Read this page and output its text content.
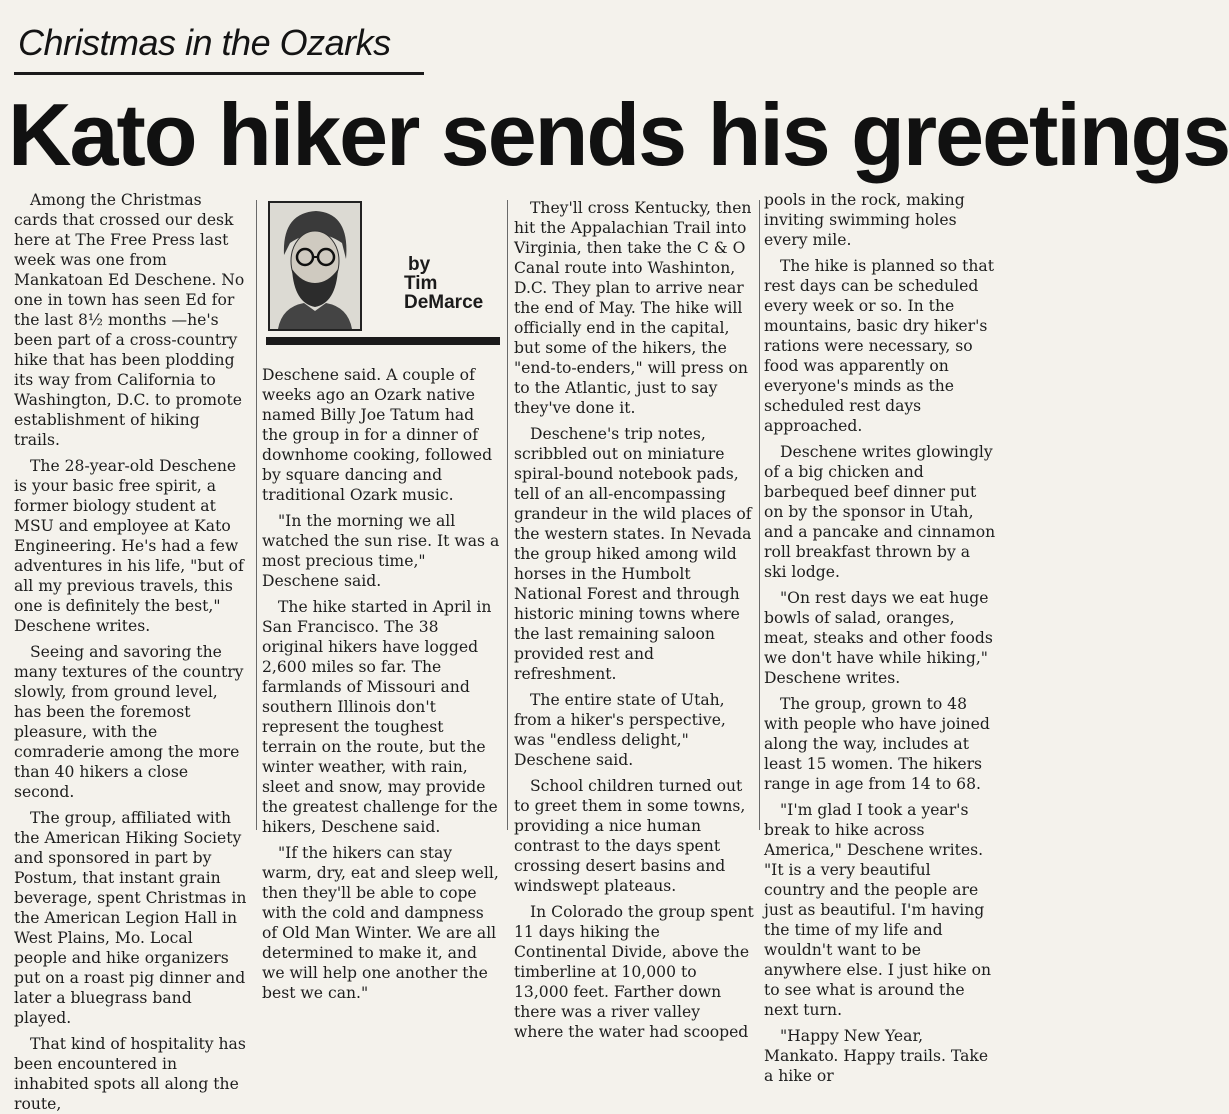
Christmas in the Ozarks
Kato hiker sends his greetings

Among the Christmas cards that crossed our desk here at The Free Press last week was one from Mankatoan Ed Deschene. No one in town has seen Ed for the last 8½ months —he's been part of a cross-country hike that has been plodding its way from California to Washington, D.C. to promote establishment of hiking trails.

The 28-year-old Deschene is your basic free spirit, a former biology student at MSU and employee at Kato Engineering. He's had a few adventures in his life, "but of all my previous travels, this one is definitely the best," Deschene writes.

Seeing and savoring the many textures of the country slowly, from ground level, has been the foremost pleasure, with the comraderie among the more than 40 hikers a close second.

The group, affiliated with the American Hiking Society and sponsored in part by Postum, that instant grain beverage, spent Christmas in the American Legion Hall in West Plains, Mo. Local people and hike organizers put on a roast pig dinner and later a bluegrass band played.

That kind of hospitality has been encountered in inhabited spots all along the route,

by
Tim
DeMarce

Deschene said. A couple of weeks ago an Ozark native named Billy Joe Tatum had the group in for a dinner of downhome cooking, followed by square dancing and traditional Ozark music.

"In the morning we all watched the sun rise. It was a most precious time," Deschene said.

The hike started in April in San Francisco. The 38 original hikers have logged 2,600 miles so far. The farmlands of Missouri and southern Illinois don't represent the toughest terrain on the route, but the winter weather, with rain, sleet and snow, may provide the greatest challenge for the hikers, Deschene said.

"If the hikers can stay warm, dry, eat and sleep well, then they'll be able to cope with the cold and dampness of Old Man Winter. We are all determined to make it, and we will help one another the best we can."

They'll cross Kentucky, then hit the Appalachian Trail into Virginia, then take the C & O Canal route into Washinton, D.C. They plan to arrive near the end of May. The hike will officially end in the capital, but some of the hikers, the "end-to-enders," will press on to the Atlantic, just to say they've done it.

Deschene's trip notes, scribbled out on miniature spiral-bound notebook pads, tell of an all-encompassing grandeur in the wild places of the western states. In Nevada the group hiked among wild horses in the Humbolt National Forest and through historic mining towns where the last remaining saloon provided rest and refreshment.

The entire state of Utah, from a hiker's perspective, was "endless delight," Deschene said.

School children turned out to greet them in some towns, providing a nice human contrast to the days spent crossing desert basins and windswept plateaus.

In Colorado the group spent 11 days hiking the Continental Divide, above the timberline at 10,000 to 13,000 feet. Farther down there was a river valley where the water had scooped

pools in the rock, making inviting swimming holes every mile.

The hike is planned so that rest days can be scheduled every week or so. In the mountains, basic dry hiker's rations were necessary, so food was apparently on everyone's minds as the scheduled rest days approached.

Deschene writes glowingly of a big chicken and barbequed beef dinner put on by the sponsor in Utah, and a pancake and cinnamon roll breakfast thrown by a ski lodge.

"On rest days we eat huge bowls of salad, oranges, meat, steaks and other foods we don't have while hiking," Deschene writes.

The group, grown to 48 with people who have joined along the way, includes at least 15 women. The hikers range in age from 14 to 68.

"I'm glad I took a year's break to hike across America," Deschene writes. "It is a very beautiful country and the people are just as beautiful. I'm having the time of my life and wouldn't want to be anywhere else. I just hike on to see what is around the next turn.

"Happy New Year, Mankato. Happy trails. Take a hike or
